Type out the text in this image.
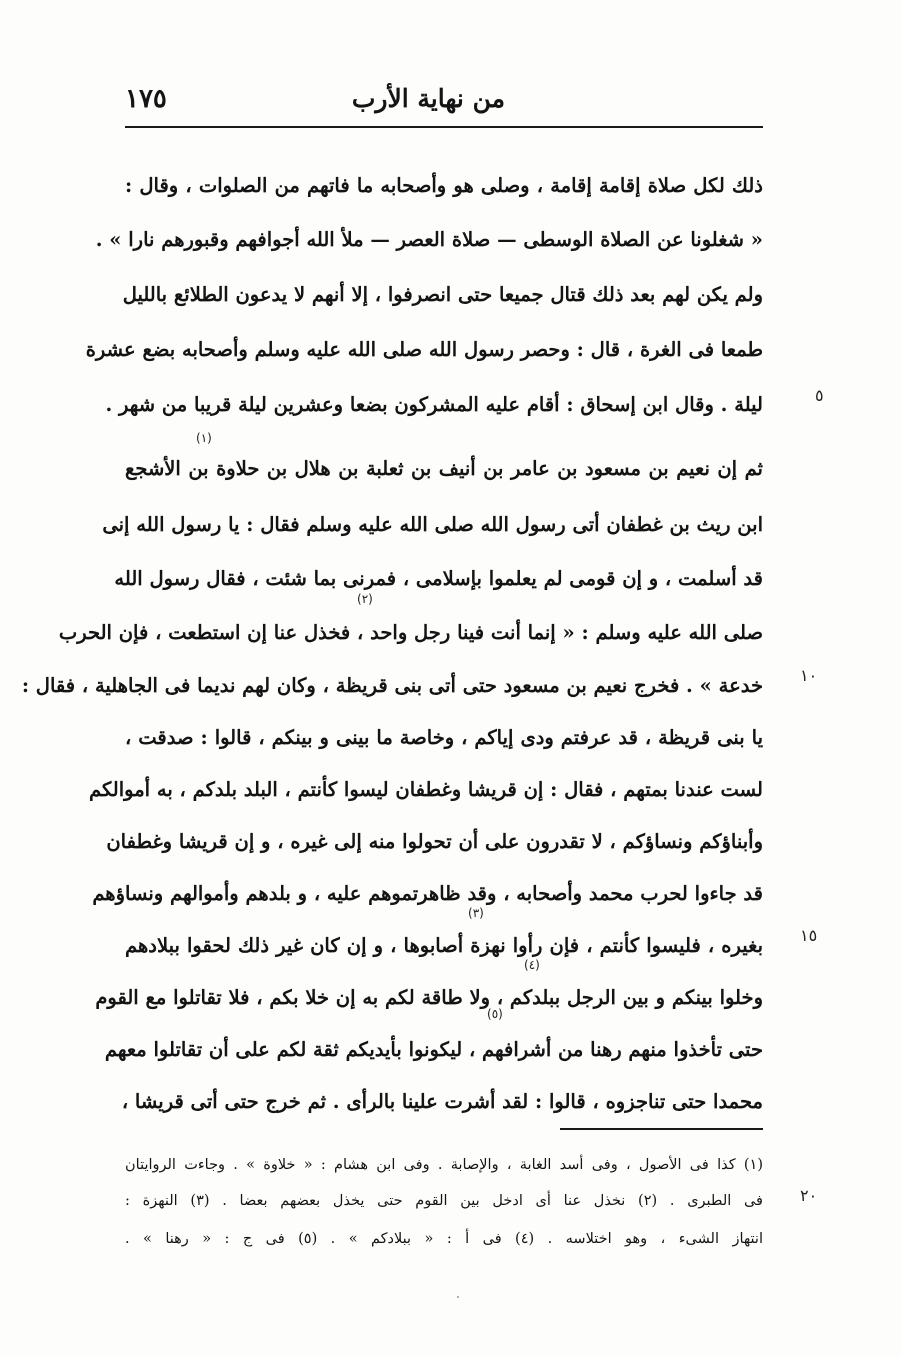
من نهاية الأرب
١٧٥
ذلك لكل صلاة إقامة إقامة ، وصلى هو وأصحابه ما فاتهم من الصلوات ، وقال :
« شغلونا عن الصلاة الوسطى — صلاة العصر — ملأ الله أجوافهم وقبورهم نارا » .
ولم يكن لهم بعد ذلك قتال جميعا حتى انصرفوا ، إلا أنهم لا يدعون الطلائع بالليل
طمعا فى الغرة ، قال : وحصر رسول الله صلى الله عليه وسلم وأصحابه بضع عشرة
ليلة . وقال ابن إسحاق : أقام عليه المشركون بضعا وعشرين ليلة قريبا من شهر .
ثم إن نعيم بن مسعود بن عامر بن أنيف بن ثعلبة بن هلال بن حلاوة بن الأشجع
ابن ريث بن غطفان أتى رسول الله صلى الله عليه وسلم فقال : يا رسول الله إنى
قد أسلمت ، و إن قومى لم يعلموا بإسلامى ، فمرنى بما شئت ، فقال رسول الله
صلى الله عليه وسلم : « إنما أنت فينا رجل واحد ، فخذل عنا إن استطعت ، فإن الحرب
خدعة » . فخرج نعيم بن مسعود حتى أتى بنى قريظة ، وكان لهم نديما فى الجاهلية ، فقال :
يا بنى قريظة ، قد عرفتم ودى إياكم ، وخاصة ما بينى و بينكم ، قالوا : صدقت ،
لست عندنا بمتهم ، فقال : إن قريشا وغطفان ليسوا كأنتم ، البلد بلدكم ، به أموالكم
وأبناؤكم ونساؤكم ، لا تقدرون على أن تحولوا منه إلى غيره ، و إن قريشا وغطفان
قد جاءوا لحرب محمد وأصحابه ، وقد ظاهرتموهم عليه ، و بلدهم وأموالهم ونساؤهم
بغيره ، فليسوا كأنتم ، فإن رأوا نهزة أصابوها ، و إن كان غير ذلك لحقوا ببلادهم
وخلوا بينكم و بين الرجل ببلدكم ، ولا طاقة لكم به إن خلا بكم ، فلا تقاتلوا مع القوم
حتى تأخذوا منهم رهنا من أشرافهم ، ليكونوا بأيديكم ثقة لكم على أن تقاتلوا معهم
محمدا حتى تناجزوه ، قالوا : لقد أشرت علينا بالرأى . ثم خرج حتى أتى قريشا ،
(١)
(٢)
(٣)
(٤)
(٥)
٥
١٠
١٥
٢٠
(١) كذا فى الأصول ، وفى أسد الغابة ، والإصابة . وفى ابن هشام : « خلاوة » . وجاءت الروايتان
فى الطبرى . (٢) نخذل عنا أى ادخل بين القوم حتى يخذل بعضهم بعضا . (٣) النهزة :
انتهاز الشىء ، وهو اختلاسه . (٤) فى أ : « ببلادكم » . (٥) فى ج : « رهنا » .
